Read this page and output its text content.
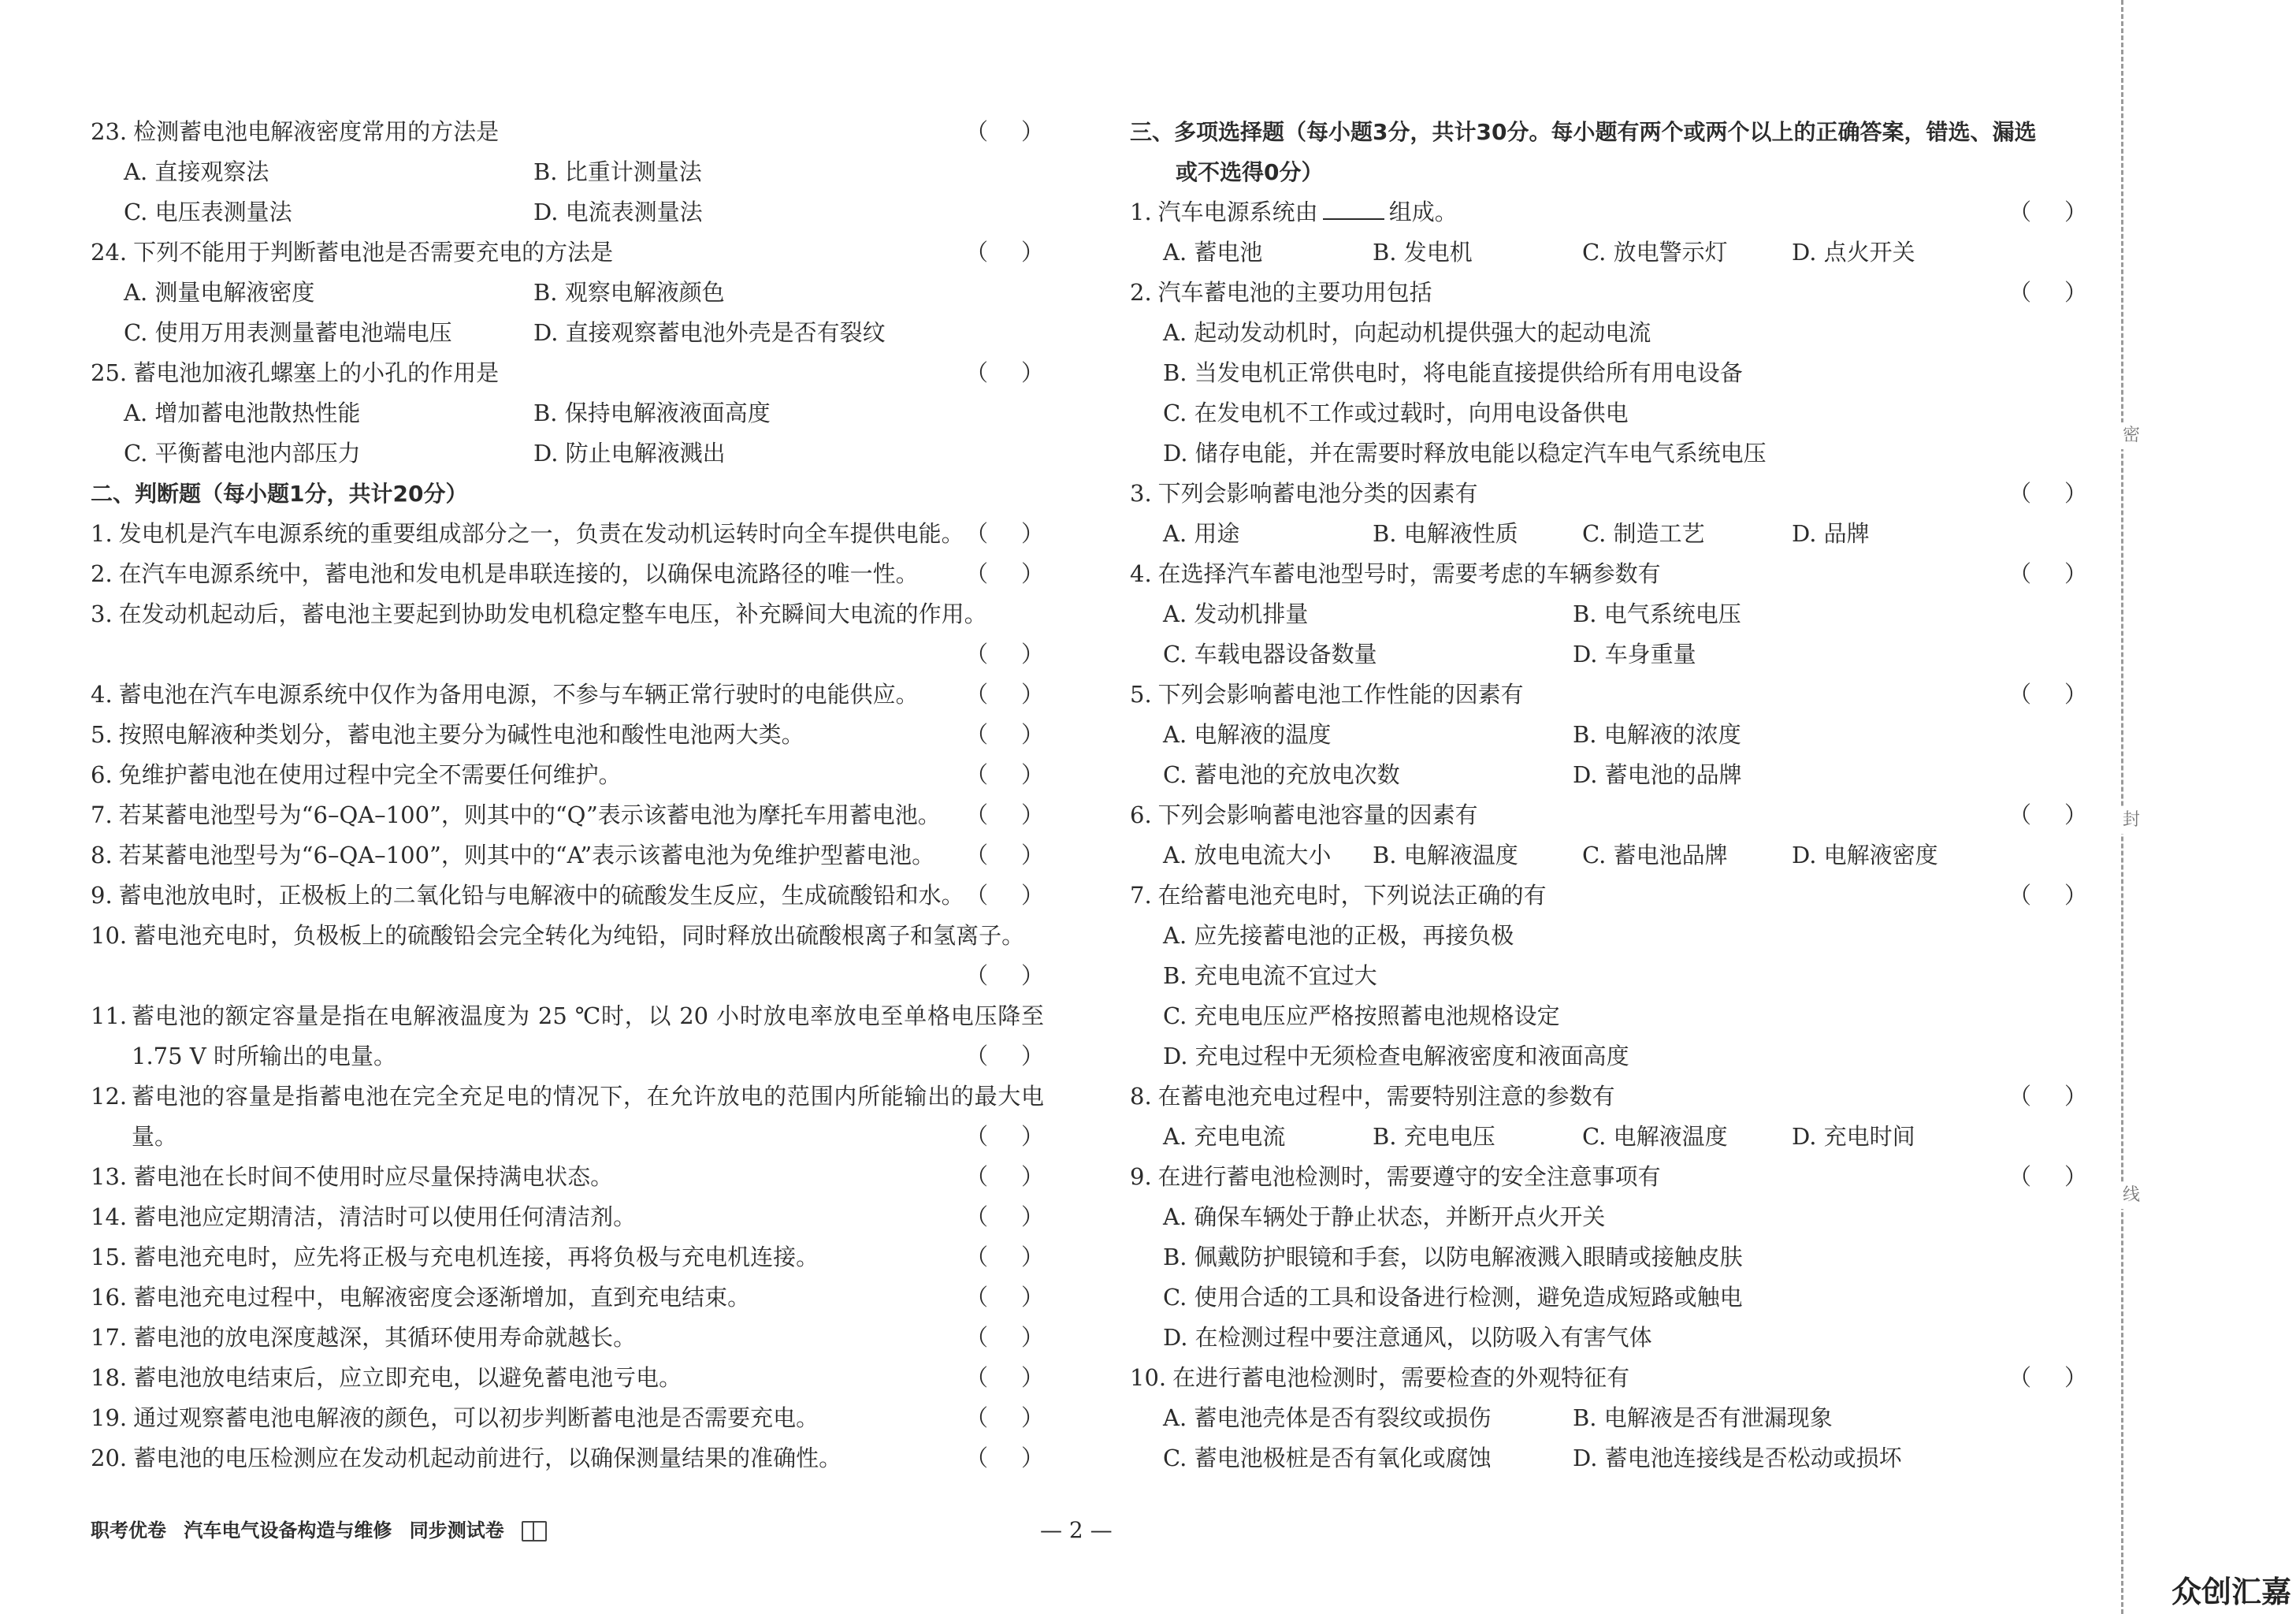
23. 检测蓄电池电解液密度常用的方法是	（ ）
A. 直接观察法	B. 比重计测量法
C. 电压表测量法	D. 电流表测量法
24. 下列不能用于判断蓄电池是否需要充电的方法是	（ ）
A. 测量电解液密度	B. 观察电解液颜色
C. 使用万用表测量蓄电池端电压	D. 直接观察蓄电池外壳是否有裂纹
25. 蓄电池加液孔螺塞上的小孔的作用是	（ ）
A. 增加蓄电池散热性能	B. 保持电解液液面高度
C. 平衡蓄电池内部压力	D. 防止电解液溅出
二、判断题（每小题1分，共计20分）
1. 发电机是汽车电源系统的重要组成部分之一，负责在发动机运转时向全车提供电能。 （ ）
2. 在汽车电源系统中，蓄电池和发电机是串联连接的，以确保电流路径的唯一性。 （ ）
3. 在发动机起动后，蓄电池主要起到协助发电机稳定整车电压，补充瞬间大电流的作用。
（ ）
4. 蓄电池在汽车电源系统中仅作为备用电源，不参与车辆正常行驶时的电能供应。 （ ）
5. 按照电解液种类划分，蓄电池主要分为碱性电池和酸性电池两大类。	（ ）
6. 免维护蓄电池在使用过程中完全不需要任何维护。	（ ）
7. 若某蓄电池型号为“6–QA–100”，则其中的“Q”表示该蓄电池为摩托车用蓄电池。 （ ）
8. 若某蓄电池型号为“6–QA–100”，则其中的“A”表示该蓄电池为免维护型蓄电池。 （ ）
9. 蓄电池放电时，正极板上的二氧化铅与电解液中的硫酸发生反应，生成硫酸铅和水。 （ ）
10. 蓄电池充电时，负极板上的硫酸铅会完全转化为纯铅，同时释放出硫酸根离子和氢离子。
（ ）
11. 蓄电池的额定容量是指在电解液温度为 25 ℃时，以 20 小时放电率放电至单格电压降至 1.75 V 时所输出的电量。	（ ）
12. 蓄电池的容量是指蓄电池在完全充足电的情况下，在允许放电的范围内所能输出的最大电量。	（ ）
13. 蓄电池在长时间不使用时应尽量保持满电状态。	（ ）
14. 蓄电池应定期清洁，清洁时可以使用任何清洁剂。	（ ）
15. 蓄电池充电时，应先将正极与充电机连接，再将负极与充电机连接。	（ ）
16. 蓄电池充电过程中，电解液密度会逐渐增加，直到充电结束。	（ ）
17. 蓄电池的放电深度越深，其循环使用寿命就越长。	（ ）
18. 蓄电池放电结束后，应立即充电，以避免蓄电池亏电。	（ ）
19. 通过观察蓄电池电解液的颜色，可以初步判断蓄电池是否需要充电。	（ ）
20. 蓄电池的电压检测应在发动机起动前进行，以确保测量结果的准确性。	（ ）
三、多项选择题（每小题3分，共计30分。每小题有两个或两个以上的正确答案，错选、漏选
或不选得0分）
1. 汽车电源系统由	组成。	（ ）
A. 蓄电池	B. 发电机	C. 放电警示灯	D. 点火开关
2. 汽车蓄电池的主要功用包括	（ ）
A. 起动发动机时，向起动机提供强大的起动电流
B. 当发电机正常供电时，将电能直接提供给所有用电设备
C. 在发电机不工作或过载时，向用电设备供电
D. 储存电能，并在需要时释放电能以稳定汽车电气系统电压
3. 下列会影响蓄电池分类的因素有	（ ）
A. 用途	B. 电解液性质	C. 制造工艺	D. 品牌
4. 在选择汽车蓄电池型号时，需要考虑的车辆参数有	（ ）
A. 发动机排量	B. 电气系统电压
C. 车载电器设备数量	D. 车身重量
5. 下列会影响蓄电池工作性能的因素有	（ ）
A. 电解液的温度	B. 电解液的浓度
C. 蓄电池的充放电次数	D. 蓄电池的品牌
6. 下列会影响蓄电池容量的因素有	（ ）
A. 放电电流大小	B. 电解液温度	C. 蓄电池品牌	D. 电解液密度
7. 在给蓄电池充电时，下列说法正确的有	（ ）
A. 应先接蓄电池的正极，再接负极
B. 充电电流不宜过大
C. 充电电压应严格按照蓄电池规格设定
D. 充电过程中无须检查电解液密度和液面高度
8. 在蓄电池充电过程中，需要特别注意的参数有	（ ）
A. 充电电流	B. 充电电压	C. 电解液温度	D. 充电时间
9. 在进行蓄电池检测时，需要遵守的安全注意事项有	（ ）
A. 确保车辆处于静止状态，并断开点火开关
B. 佩戴防护眼镜和手套，以防电解液溅入眼睛或接触皮肤
C. 使用合适的工具和设备进行检测，避免造成短路或触电
D. 在检测过程中要注意通风，以防吸入有害气体
10. 在进行蓄电池检测时，需要检查的外观特征有	（ ）
A. 蓄电池壳体是否有裂纹或损伤	B. 电解液是否有泄漏现象
C. 蓄电池极桩是否有氧化或腐蚀	D. 蓄电池连接线是否松动或损坏
职考优卷 汽车电气设备构造与维修 同步测试卷	— 2 —
密
封
线
众创汇嘉
